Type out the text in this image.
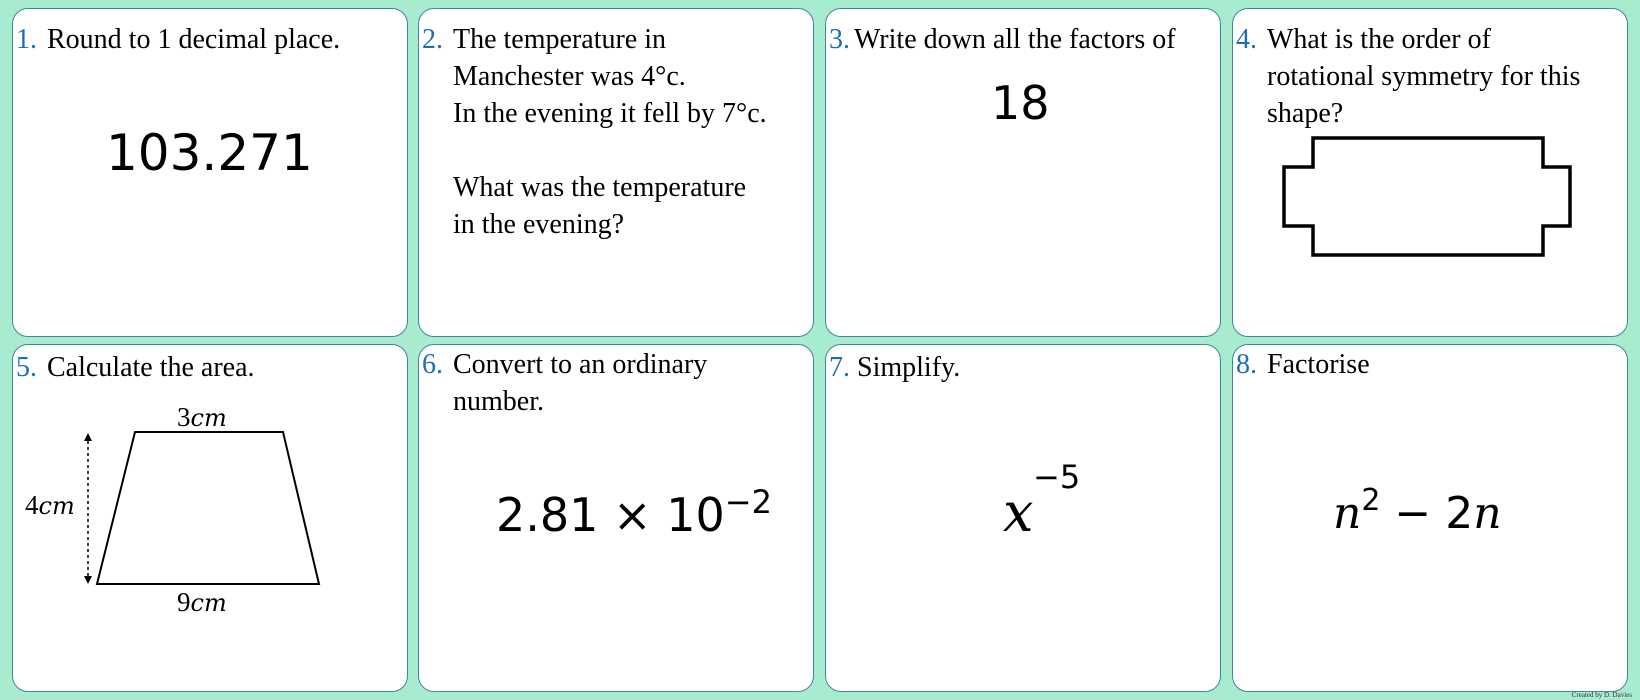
1. Round to 1 decimal place.
103.271
2. The temperature in
Manchester was 4°c.
In the evening it fell by 7°c.
What was the temperature
in the evening?
3. Write down all the factors of
18
4. What is the order of
rotational symmetry for this
shape?
5. Calculate the area.
3cm
4cm
9cm
6. Convert to an ordinary
number.
$2.81 \times 10^{-2}$
7. Simplify.
x
−5
8. Factorise
$n^2 - 2n$
Created by D. Davies
